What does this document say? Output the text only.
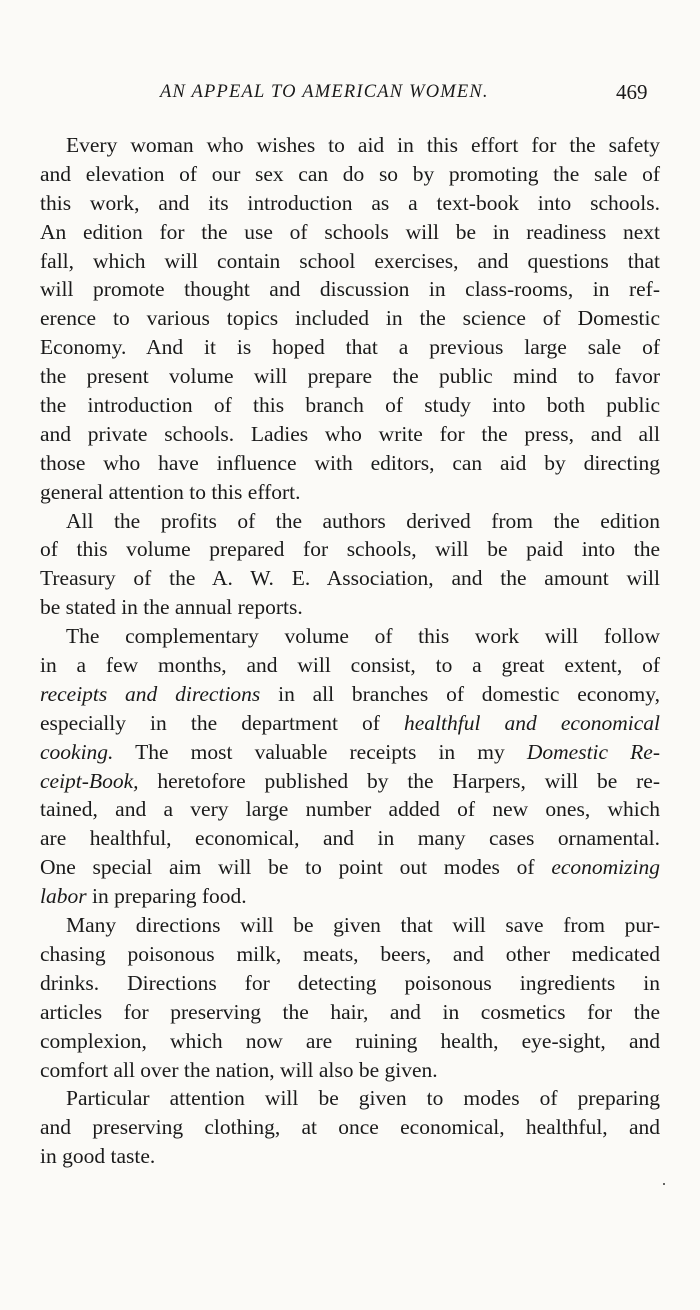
AN APPEAL TO AMERICAN WOMEN.	469
Every woman who wishes to aid in this effort for the safety
and elevation of our sex can do so by promoting the sale of
this work, and its introduction as a text-book into schools.
An edition for the use of schools will be in readiness next
fall, which will contain school exercises, and questions that
will promote thought and discussion in class-rooms, in ref-
erence to various topics included in the science of Domestic
Economy. And it is hoped that a previous large sale of
the present volume will prepare the public mind to favor
the introduction of this branch of study into both public
and private schools. Ladies who write for the press, and all
those who have influence with editors, can aid by directing
general attention to this effort.
All the profits of the authors derived from the edition
of this volume prepared for schools, will be paid into the
Treasury of the A. W. E. Association, and the amount will
be stated in the annual reports.
The complementary volume of this work will follow
in a few months, and will consist, to a great extent, of
receipts and directions in all branches of domestic economy,
especially in the department of healthful and economical
cooking. The most valuable receipts in my Domestic Re-
ceipt-Book, heretofore published by the Harpers, will be re-
tained, and a very large number added of new ones, which
are healthful, economical, and in many cases ornamental.
One special aim will be to point out modes of economizing
labor in preparing food.
Many directions will be given that will save from pur-
chasing poisonous milk, meats, beers, and other medicated
drinks. Directions for detecting poisonous ingredients in
articles for preserving the hair, and in cosmetics for the
complexion, which now are ruining health, eye-sight, and
comfort all over the nation, will also be given.
Particular attention will be given to modes of preparing
and preserving clothing, at once economical, healthful, and
in good taste.
